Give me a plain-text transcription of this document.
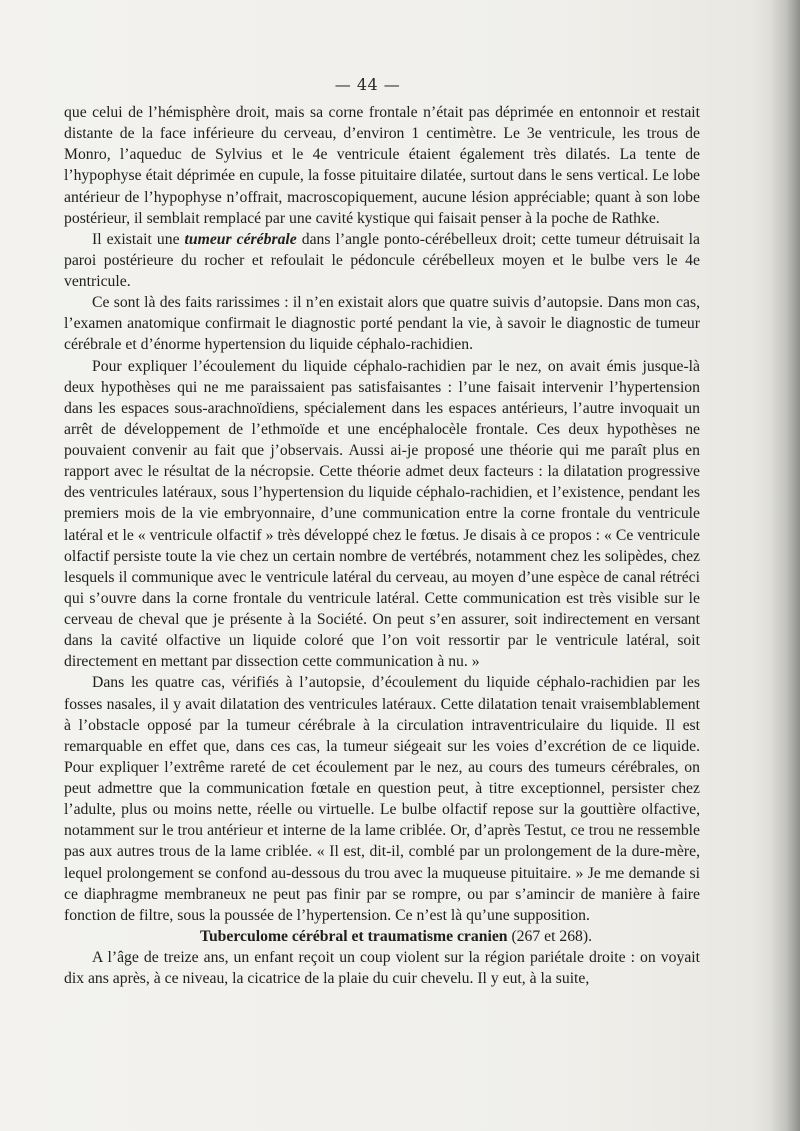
— 44 —

que celui de l’hémisphère droit, mais sa corne frontale n’était pas déprimée en entonnoir et restait distante de la face inférieure du cerveau, d’environ 1 centimètre. Le 3e ventricule, les trous de Monro, l’aqueduc de Sylvius et le 4e ventricule étaient également très dilatés. La tente de l’hypophyse était déprimée en cupule, la fosse pituitaire dilatée, surtout dans le sens vertical. Le lobe antérieur de l’hypophyse n’offrait, macroscopiquement, aucune lésion appréciable; quant à son lobe postérieur, il semblait remplacé par une cavité kystique qui faisait penser à la poche de Rathke.

Il existait une tumeur cérébrale dans l’angle ponto-cérébelleux droit; cette tumeur détruisait la paroi postérieure du rocher et refoulait le pédoncule cérébelleux moyen et le bulbe vers le 4e ventricule.

Ce sont là des faits rarissimes : il n’en existait alors que quatre suivis d’autopsie. Dans mon cas, l’examen anatomique confirmait le diagnostic porté pendant la vie, à savoir le diagnostic de tumeur cérébrale et d’énorme hypertension du liquide céphalo-rachidien.

Pour expliquer l’écoulement du liquide céphalo-rachidien par le nez, on avait émis jusque-là deux hypothèses qui ne me paraissaient pas satisfaisantes : l’une faisait intervenir l’hypertension dans les espaces sous-arachnoïdiens, spécialement dans les espaces antérieurs, l’autre invoquait un arrêt de développement de l’ethmoïde et une encéphalocèle frontale. Ces deux hypothèses ne pouvaient convenir au fait que j’observais. Aussi ai-je proposé une théorie qui me paraît plus en rapport avec le résultat de la nécropsie. Cette théorie admet deux facteurs : la dilatation progressive des ventricules latéraux, sous l’hypertension du liquide céphalo-rachidien, et l’existence, pendant les premiers mois de la vie embryonnaire, d’une communication entre la corne frontale du ventricule latéral et le « ventricule olfactif » très développé chez le fœtus. Je disais à ce propos : « Ce ventricule olfactif persiste toute la vie chez un certain nombre de vertébrés, notamment chez les solipèdes, chez lesquels il communique avec le ventricule latéral du cerveau, au moyen d’une espèce de canal rétréci qui s’ouvre dans la corne frontale du ventricule latéral. Cette communication est très visible sur le cerveau de cheval que je présente à la Société. On peut s’en assurer, soit indirectement en versant dans la cavité olfactive un liquide coloré que l’on voit ressortir par le ventricule latéral, soit directement en mettant par dissection cette communication à nu. »

Dans les quatre cas, vérifiés à l’autopsie, d’écoulement du liquide céphalo-rachidien par les fosses nasales, il y avait dilatation des ventricules latéraux. Cette dilatation tenait vraisemblablement à l’obstacle opposé par la tumeur cérébrale à la circulation intraventriculaire du liquide. Il est remarquable en effet que, dans ces cas, la tumeur siégeait sur les voies d’excrétion de ce liquide. Pour expliquer l’extrême rareté de cet écoulement par le nez, au cours des tumeurs cérébrales, on peut admettre que la communication fœtale en question peut, à titre exceptionnel, persister chez l’adulte, plus ou moins nette, réelle ou virtuelle. Le bulbe olfactif repose sur la gouttière olfactive, notamment sur le trou antérieur et interne de la lame criblée. Or, d’après Testut, ce trou ne ressemble pas aux autres trous de la lame criblée. « Il est, dit-il, comblé par un prolongement de la dure-mère, lequel prolongement se confond au-dessous du trou avec la muqueuse pituitaire. » Je me demande si ce diaphragme membraneux ne peut pas finir par se rompre, ou par s’amincir de manière à faire fonction de filtre, sous la poussée de l’hypertension. Ce n’est là qu’une supposition.

Tuberculome cérébral et traumatisme cranien (267 et 268).

A l’âge de treize ans, un enfant reçoit un coup violent sur la région pariétale droite : on voyait dix ans après, à ce niveau, la cicatrice de la plaie du cuir chevelu. Il y eut, à la suite,
